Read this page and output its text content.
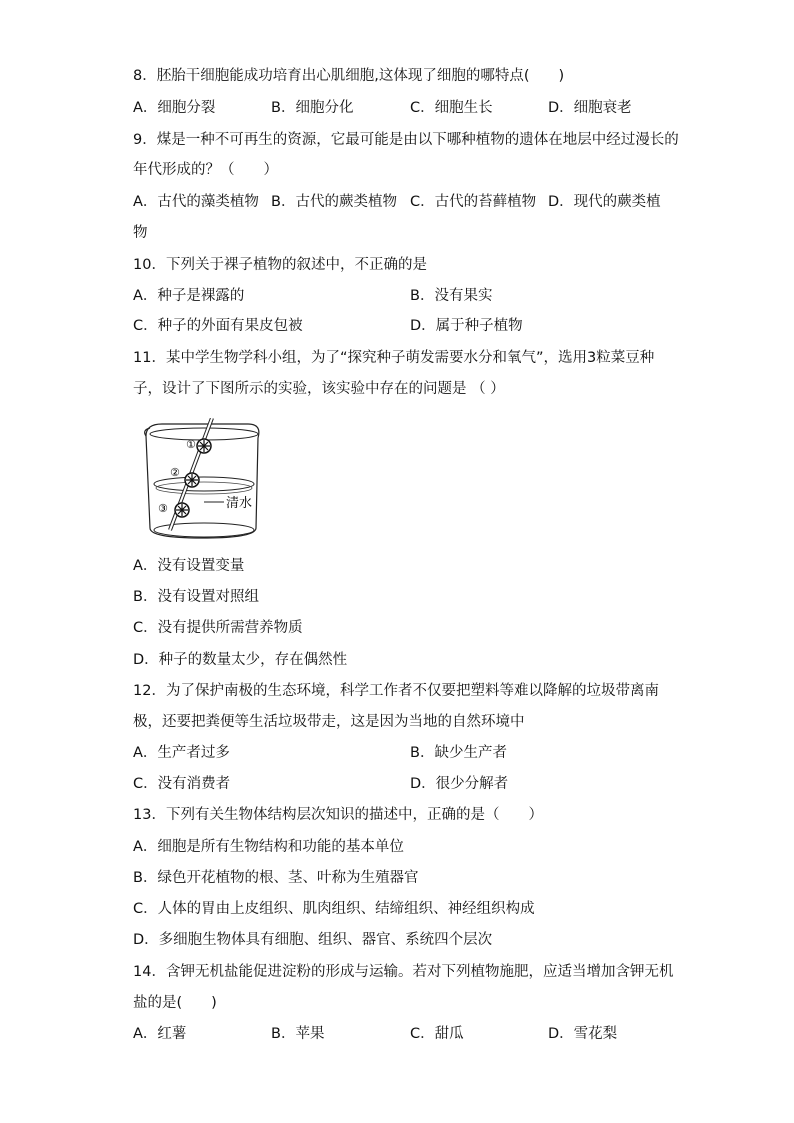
8．胚胎干细胞能成功培育出心肌细胞,这体现了细胞的哪特点(　　)
A．细胞分裂	B．细胞分化	C．细胞生长	D．细胞衰老
9．煤是一种不可再生的资源，它最可能是由以下哪种植物的遗体在地层中经过漫长的
年代形成的？（　　）
A．古代的藻类植物 B．古代的蕨类植物 C．古代的苔藓植物 D．现代的蕨类植
物
10．下列关于裸子植物的叙述中，不正确的是
A．种子是裸露的	B．没有果实
C．种子的外面有果皮包被	D．属于种子植物
11．某中学生物学科小组，为了“探究种子萌发需要水分和氧气”，选用3粒菜豆种
子，设计了下图所示的实验，该实验中存在的问题是 （ ）
①
②
③	清水
A．没有设置变量
B．没有设置对照组
C．没有提供所需营养物质
D．种子的数量太少，存在偶然性
12．为了保护南极的生态环境，科学工作者不仅要把塑料等难以降解的垃圾带离南
极，还要把粪便等生活垃圾带走，这是因为当地的自然环境中
A．生产者过多	B．缺少生产者
C．没有消费者	D．很少分解者
13．下列有关生物体结构层次知识的描述中，正确的是（　　）
A．细胞是所有生物结构和功能的基本单位
B．绿色开花植物的根、茎、叶称为生殖器官
C．人体的胃由上皮组织、肌肉组织、结缔组织、神经组织构成
D．多细胞生物体具有细胞、组织、器官、系统四个层次
14．含钾无机盐能促进淀粉的形成与运输。若对下列植物施肥，应适当增加含钾无机
盐的是(　　)
A．红薯	B．苹果	C．甜瓜	D．雪花梨
